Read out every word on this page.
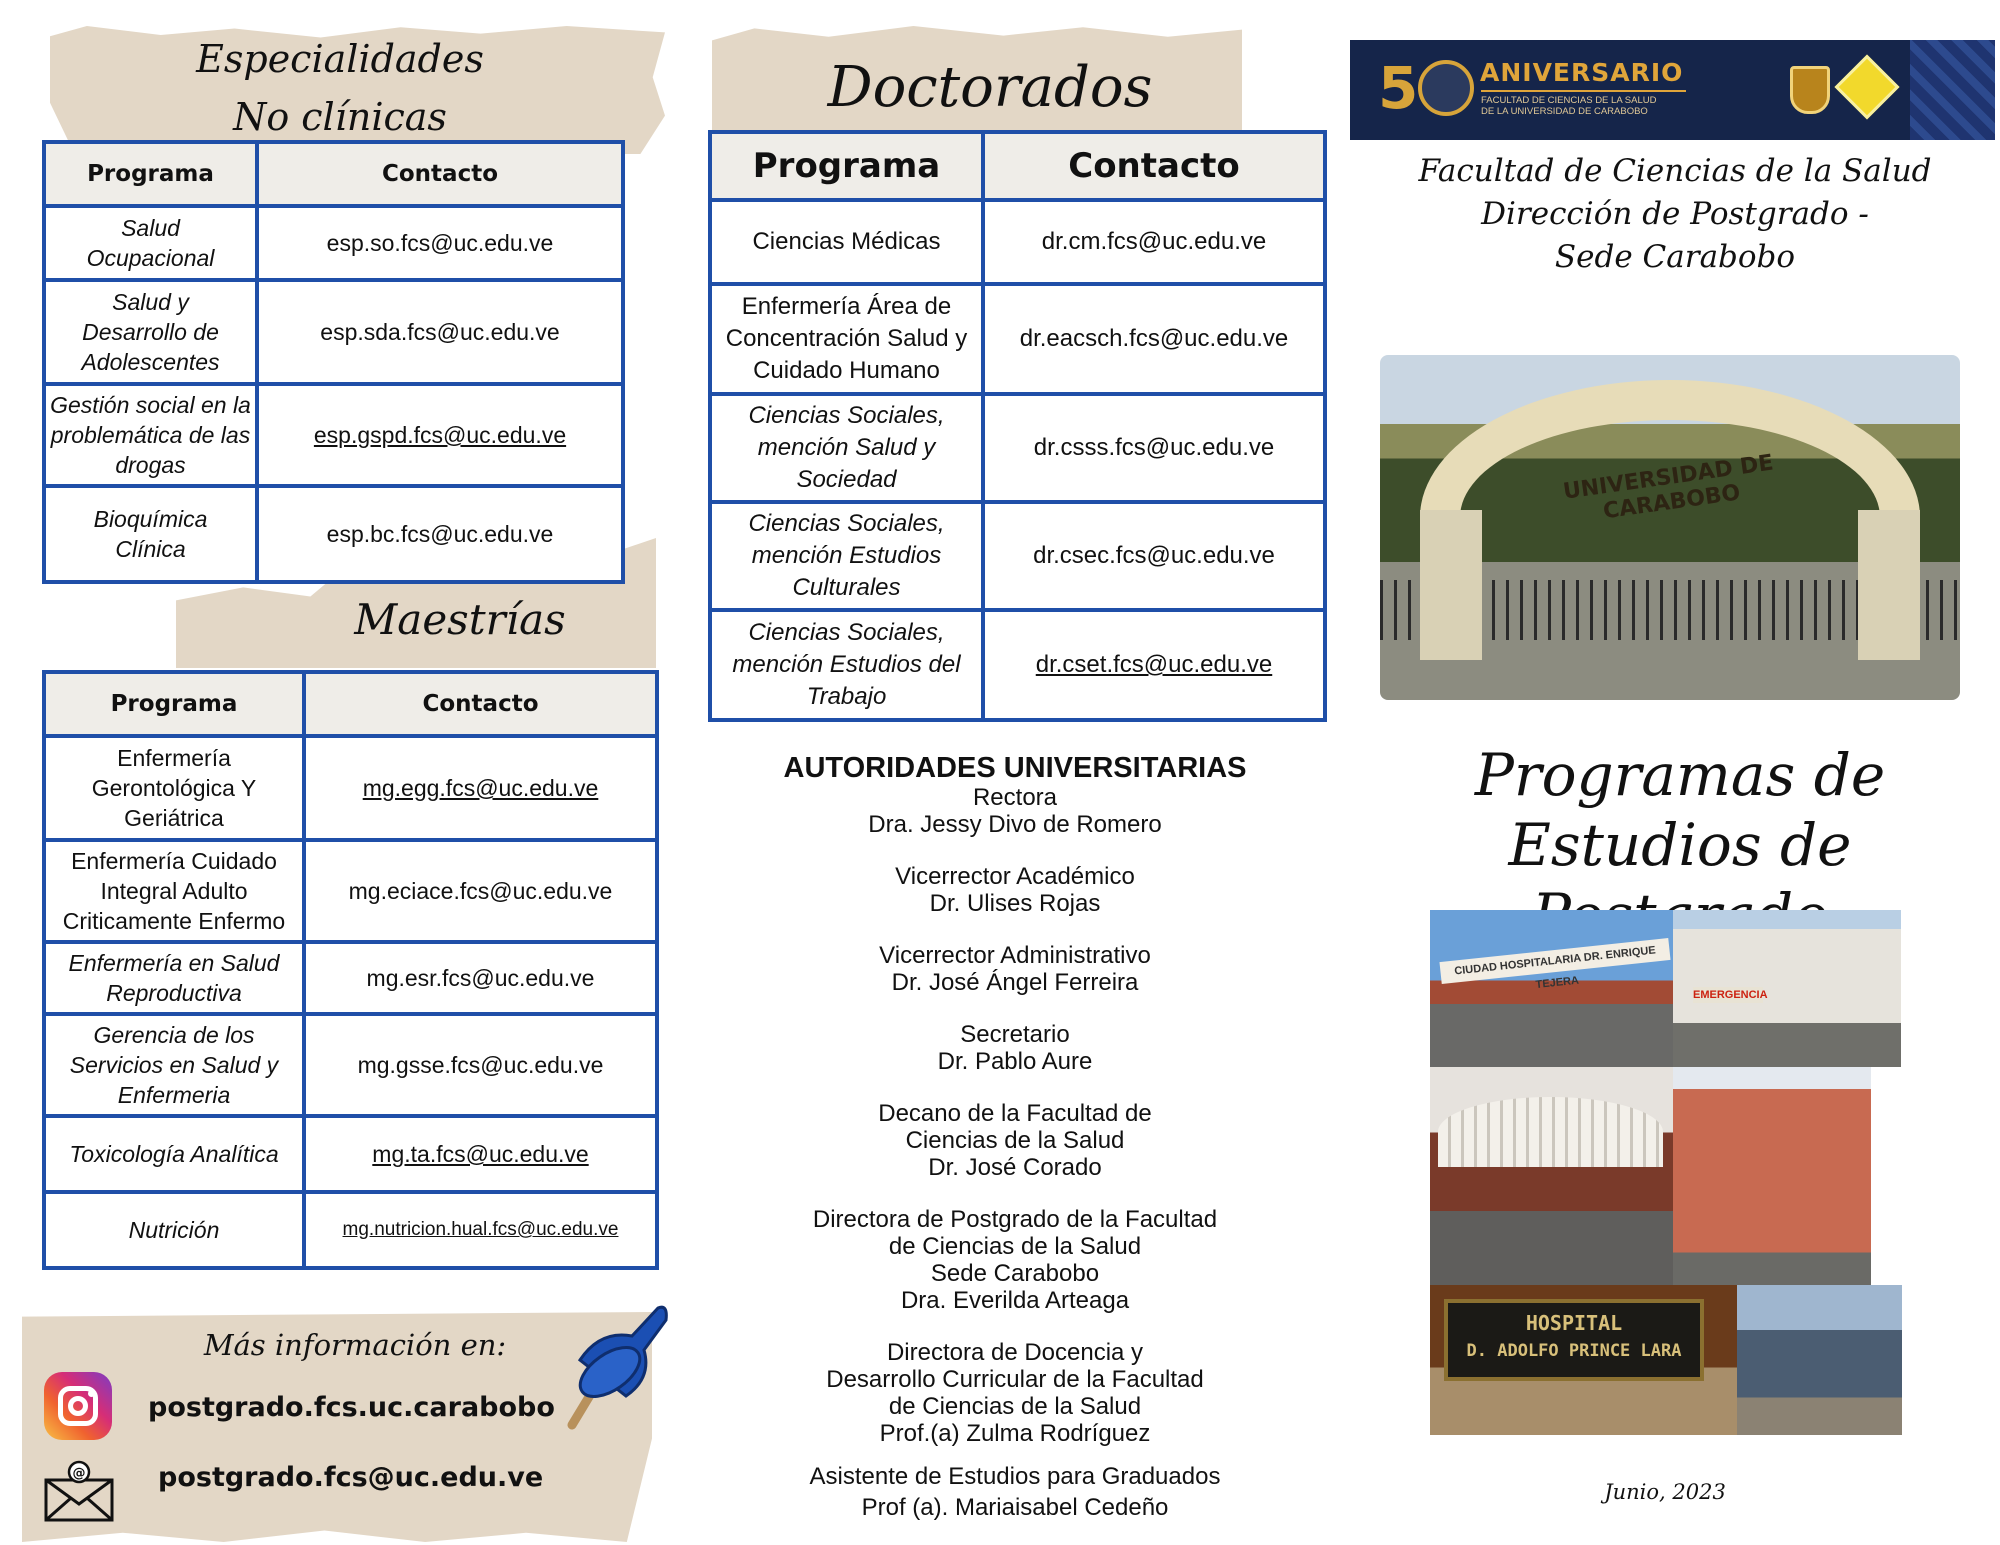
Especialidades
No clínicas
Programa	Contacto
Salud Ocupacional	esp.so.fcs@uc.edu.ve
Salud y Desarrollo de Adolescentes	esp.sda.fcs@uc.edu.ve
Gestión social en la problemática de las drogas	esp.gspd.fcs@uc.edu.ve
Bioquímica Clínica	esp.bc.fcs@uc.edu.ve
Maestrías
Programa	Contacto
Enfermería Gerontológica Y Geriátrica	mg.egg.fcs@uc.edu.ve
Enfermería Cuidado Integral Adulto Criticamente Enfermo	mg.eciace.fcs@uc.edu.ve
Enfermería en Salud Reproductiva	mg.esr.fcs@uc.edu.ve
Gerencia de los Servicios en Salud y Enfermeria	mg.gsse.fcs@uc.edu.ve
Toxicología Analítica	mg.ta.fcs@uc.edu.ve
Nutrición	mg.nutricion.hual.fcs@uc.edu.ve
Doctorados
Programa	Contacto
Ciencias Médicas	dr.cm.fcs@uc.edu.ve
Enfermería Área de Concentración Salud y Cuidado Humano	dr.eacsch.fcs@uc.edu.ve
Ciencias Sociales, mención Salud y Sociedad	dr.csss.fcs@uc.edu.ve
Ciencias Sociales, mención Estudios Culturales	dr.csec.fcs@uc.edu.ve
Ciencias Sociales, mención Estudios del Trabajo	dr.cset.fcs@uc.edu.ve
AUTORIDADES UNIVERSITARIAS
Rectora
Dra. Jessy Divo de Romero
Vicerrector Académico
Dr. Ulises Rojas
Vicerrector Administrativo
Dr. José Ángel Ferreira
Secretario
Dr. Pablo Aure
Decano de la Facultad de
Ciencias de la Salud
Dr. José Corado
Directora de Postgrado de la Facultad
de Ciencias de la Salud
Sede Carabobo
Dra. Everilda Arteaga
Directora de Docencia y
Desarrollo Curricular de la Facultad
de Ciencias de la Salud
Prof.(a) Zulma Rodríguez
Asistente de Estudios para Graduados
Prof (a). Mariaisabel Cedeño
5 ANIVERSARIO
FACULTAD DE CIENCIAS DE LA SALUD
DE LA UNIVERSIDAD DE CARABOBO
Facultad de Ciencias de la Salud
Dirección de Postgrado -
Sede Carabobo
UNIVERSIDAD DE CARABOBO
Programas de
Estudios de
CIUDAD HOSPITALARIA DR. ENRIQUE TEJERA
EMERGENCIA
HOSPITAL
D. ADOLFO PRINCE LARA
Junio, 2023
Más información en:
postgrado.fcs.uc.carabobo
@	postgrado.fcs@uc.edu.ve
